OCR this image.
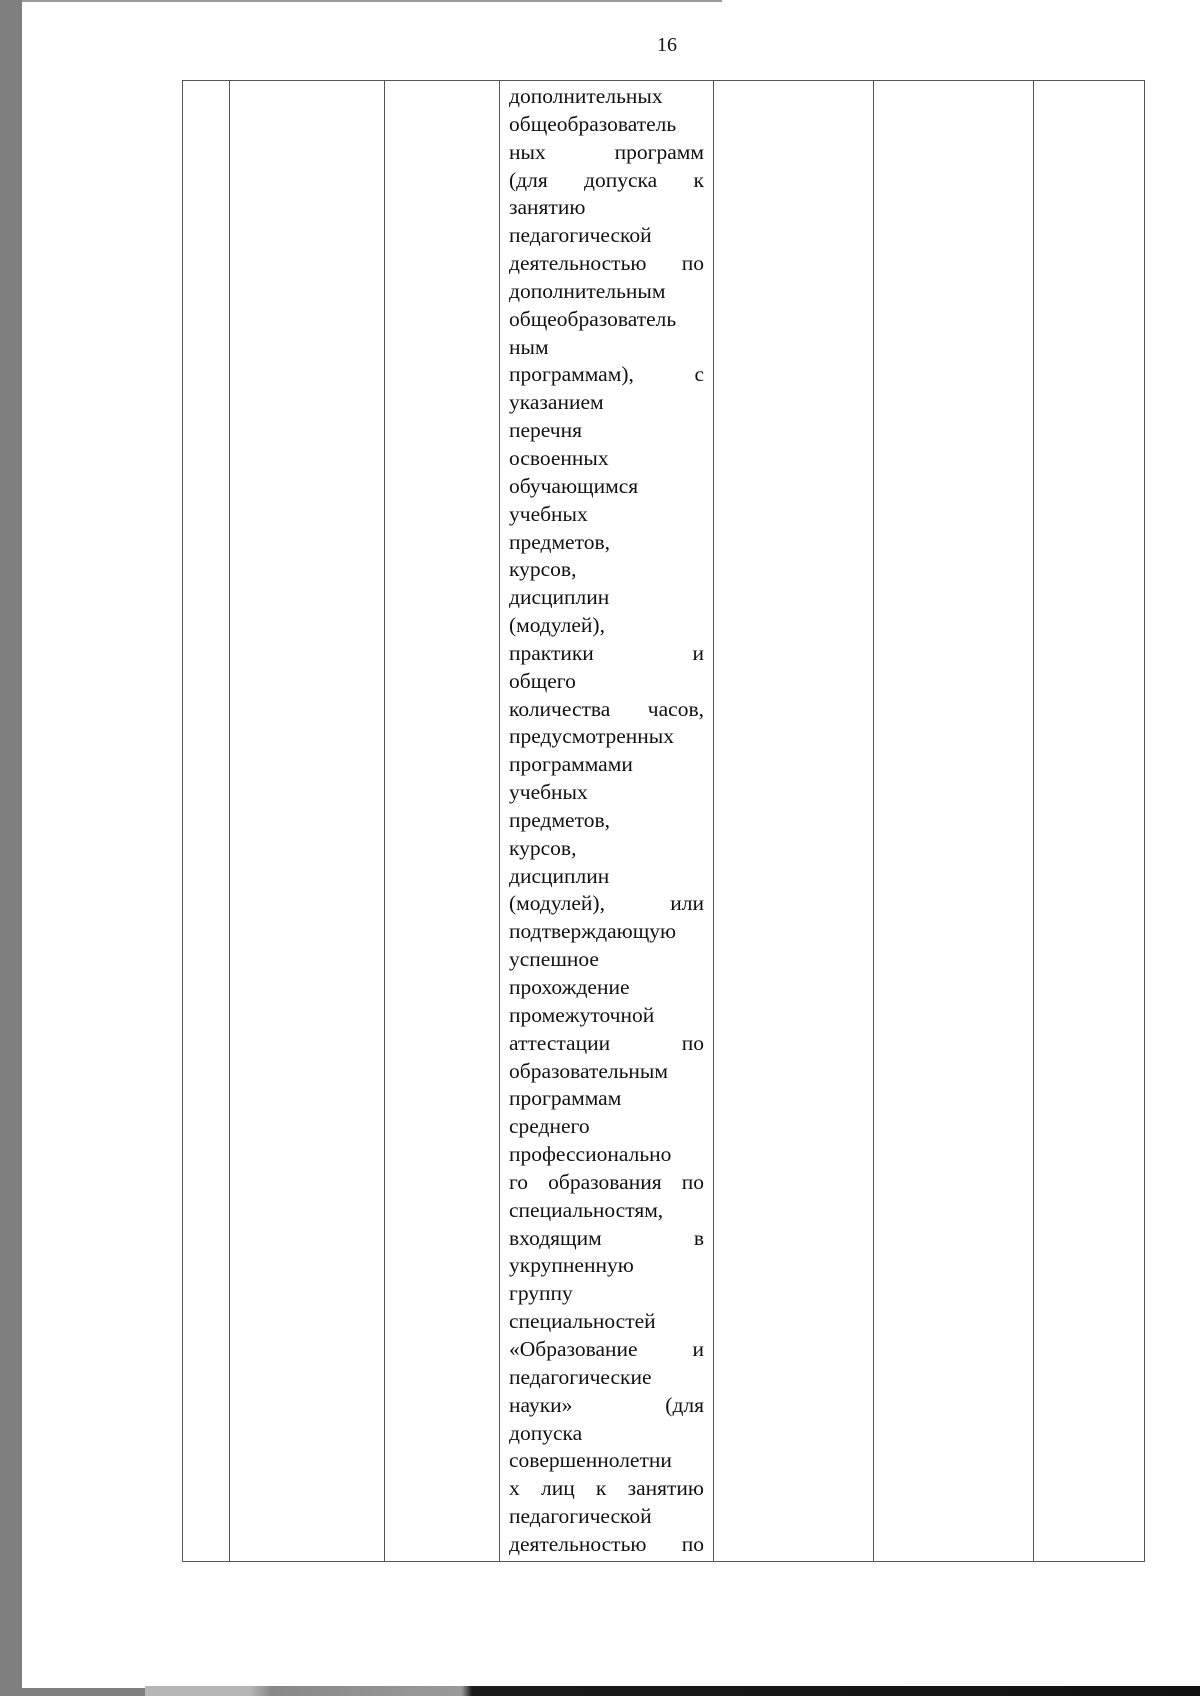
16
дополнительных
общеобразователь
ных программ
(для допуска к
занятию
педагогической
деятельностью по
дополнительным
общеобразователь
ным
программам), с
указанием
перечня
освоенных
обучающимся
учебных
предметов,
курсов,
дисциплин
(модулей),
практики и
общего
количества часов,
предусмотренных
программами
учебных
предметов,
курсов,
дисциплин
(модулей), или
подтверждающую
успешное
прохождение
промежуточной
аттестации по
образовательным
программам
среднего
профессионально
го образования по
специальностям,
входящим в
укрупненную
группу
специальностей
«Образование и
педагогические
науки» (для
допуска
совершеннолетни
х лиц к занятию
педагогической
деятельностью по
